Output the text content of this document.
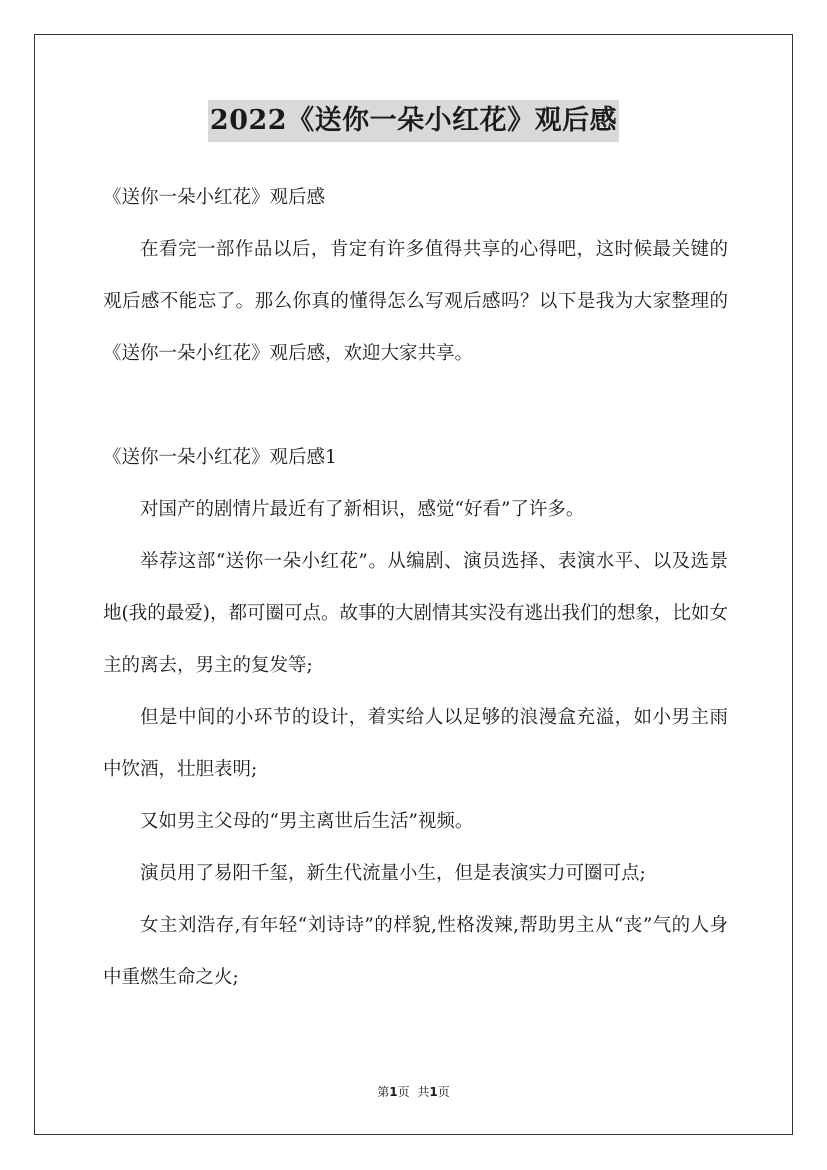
2022《送你一朵小红花》观后感

《送你一朵小红花》观后感

在看完一部作品以后，肯定有许多值得共享的心得吧，这时候最关键的观后感不能忘了。那么你真的懂得怎么写观后感吗？以下是我为大家整理的《送你一朵小红花》观后感，欢迎大家共享。

《送你一朵小红花》观后感1

对国产的剧情片最近有了新相识，感觉“好看”了许多。

举荐这部“送你一朵小红花”。从编剧、演员选择、表演水平、以及选景地(我的最爱)，都可圈可点。故事的大剧情其实没有逃出我们的想象，比如女主的离去，男主的复发等;

但是中间的小环节的设计，着实给人以足够的浪漫盒充溢，如小男主雨中饮酒，壮胆表明;

又如男主父母的“男主离世后生活”视频。

演员用了易阳千玺，新生代流量小生，但是表演实力可圈可点;

女主刘浩存,有年轻“刘诗诗”的样貌,性格泼辣,帮助男主从“丧”气的人身中重燃生命之火;

第1页 共1页
